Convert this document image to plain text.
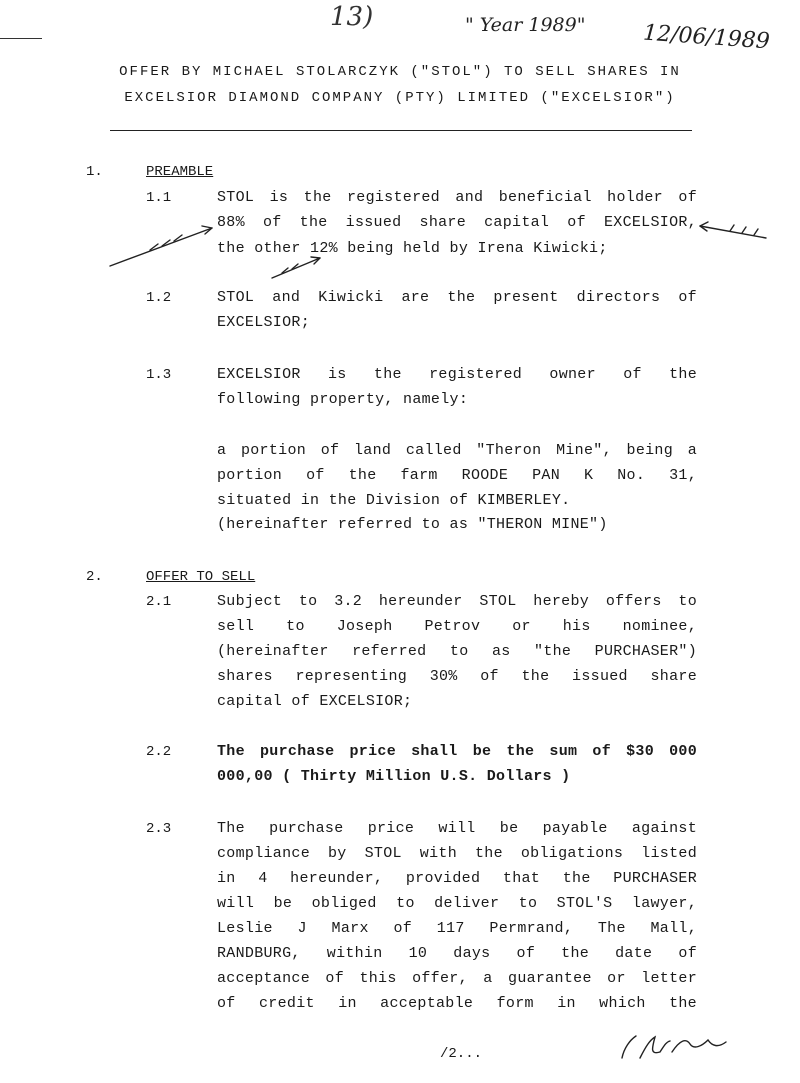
13)	" Year 1989"	12/06/1989
OFFER BY MICHAEL STOLARCZYK ("STOL") TO SELL SHARES IN
EXCELSIOR DIAMOND COMPANY (PTY) LIMITED ("EXCELSIOR")
1.	PREAMBLE
1.1	STOL is the registered and beneficial holder of
88% of the issued share capital of EXCELSIOR,
the other 12% being held by Irena Kiwicki;
1.2	STOL and Kiwicki are the present directors of
EXCELSIOR;
1.3	EXCELSIOR is the registered owner of the
following property, namely:
a portion of land called "Theron Mine", being a
portion of the farm ROODE PAN K No. 31,
situated in the Division of KIMBERLEY.
(hereinafter referred to as "THERON MINE")
2.	OFFER TO SELL
2.1	Subject to 3.2 hereunder STOL hereby offers to
sell to Joseph Petrov or his nominee,
(hereinafter referred to as "the PURCHASER")
shares representing 30% of the issued share
capital of EXCELSIOR;
2.2	The purchase price shall be the sum of $30 000
000,00 ( Thirty Million U.S. Dollars )
2.3	The purchase price will be payable against
compliance by STOL with the obligations listed
in 4 hereunder, provided that the PURCHASER
will be obliged to deliver to STOL'S lawyer,
Leslie J Marx of 117 Permrand, The Mall,
RANDBURG, within 10 days of the date of
acceptance of this offer, a guarantee or letter
of credit in acceptable form in which the
/2...
